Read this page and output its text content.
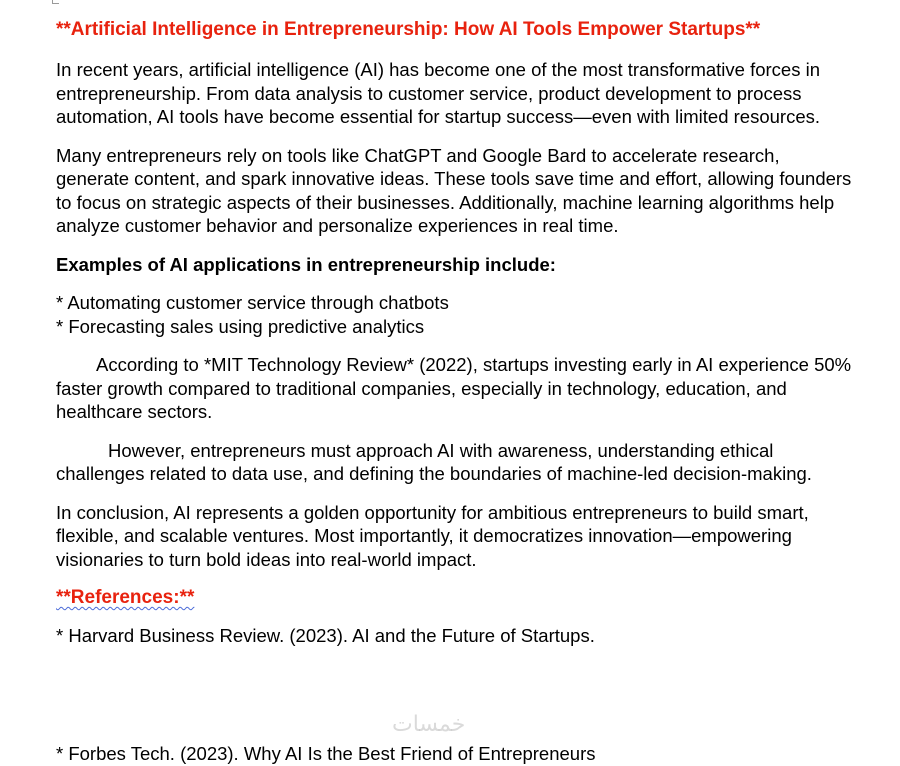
**Artificial Intelligence in Entrepreneurship: How AI Tools Empower Startups**

In recent years, artificial intelligence (AI) has become one of the most transformative forces in entrepreneurship. From data analysis to customer service, product development to process automation, AI tools have become essential for startup success—even with limited resources.

Many entrepreneurs rely on tools like ChatGPT and Google Bard to accelerate research, generate content, and spark innovative ideas. These tools save time and effort, allowing founders to focus on strategic aspects of their businesses. Additionally, machine learning algorithms help analyze customer behavior and personalize experiences in real time.

Examples of AI applications in entrepreneurship include:
* Automating customer service through chatbots
* Forecasting sales using predictive analytics

According to *MIT Technology Review* (2022), startups investing early in AI experience 50% faster growth compared to traditional companies, especially in technology, education, and healthcare sectors.

However, entrepreneurs must approach AI with awareness, understanding ethical challenges related to data use, and defining the boundaries of machine-led decision-making.

In conclusion, AI represents a golden opportunity for ambitious entrepreneurs to build smart, flexible, and scalable ventures. Most importantly, it democratizes innovation—empowering visionaries to turn bold ideas into real-world impact.

**References:**
* Harvard Business Review. (2023). AI and the Future of Startups.
* Forbes Tech. (2023). Why AI Is the Best Friend of Entrepreneurs
خمسات
